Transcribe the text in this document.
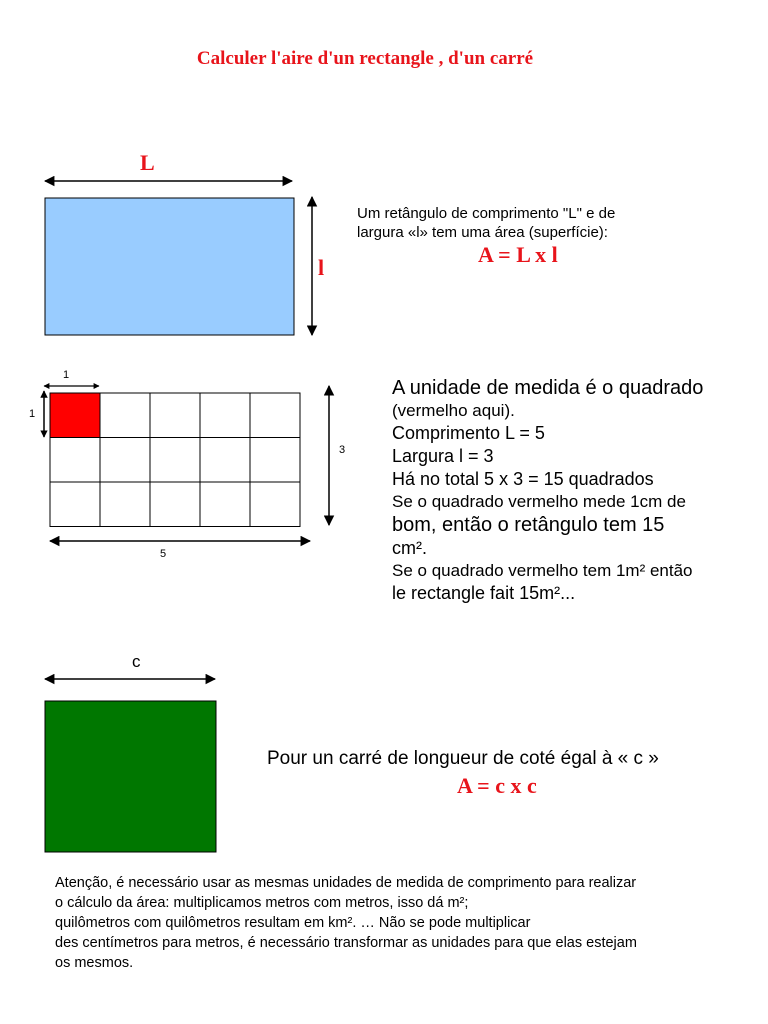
Calculer l'aire d'un rectangle , d'un carré
L
l
Um retângulo de comprimento "L" e de
largura «l» tem uma área (superfície):
A = L x l
1
1
3
5
A unidade de medida é o quadrado
(vermelho aqui).
Comprimento L = 5
Largura l = 3
Há no total 5 x 3 = 15 quadrados
Se o quadrado vermelho mede 1cm de
bom, então o retângulo tem 15
cm².
Se o quadrado vermelho tem 1m² então
le rectangle fait 15m²...
c
Pour un carré de longueur de coté égal à « c »
A = c x c
Atenção, é necessário usar as mesmas unidades de medida de comprimento para realizar
o cálculo da área: multiplicamos metros com metros, isso dá m²;
quilômetros com quilômetros resultam em km². … Não se pode multiplicar
des centímetros para metros, é necessário transformar as unidades para que elas estejam
os mesmos.
